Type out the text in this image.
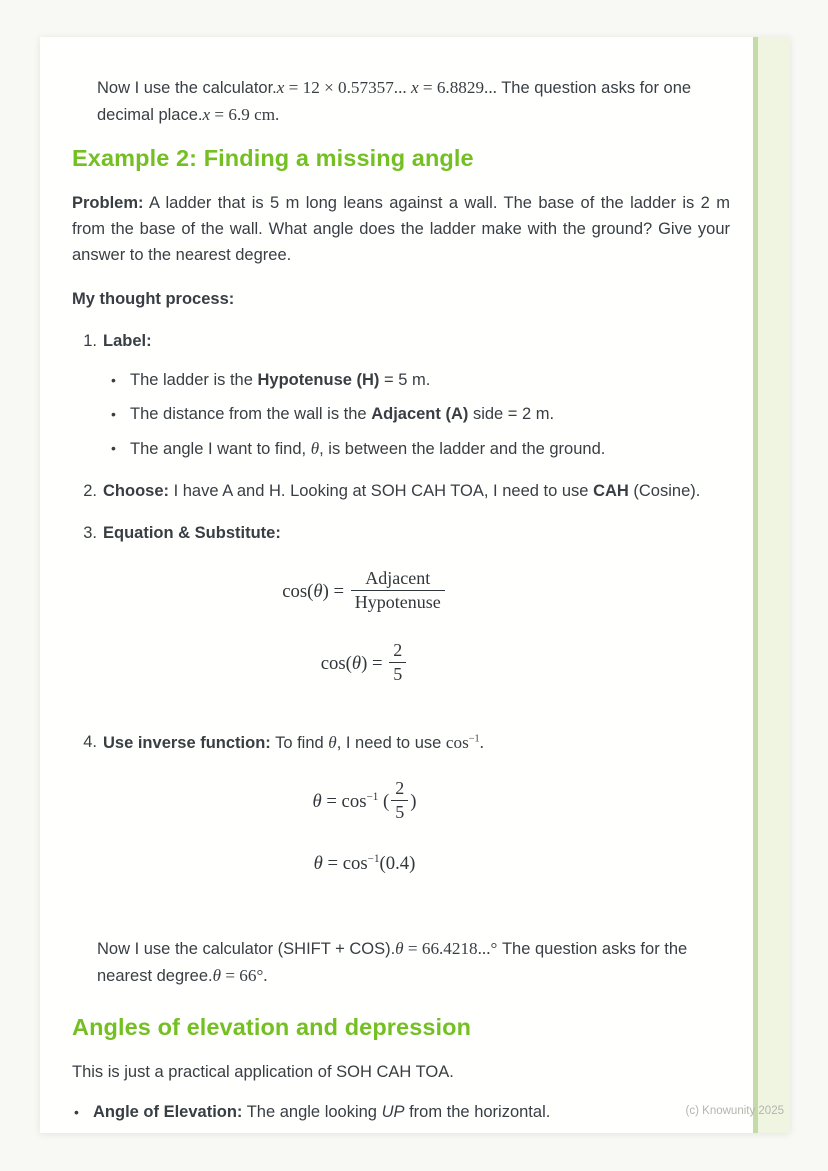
Now I use the calculator.x = 12 × 0.57357... x = 6.8829... The question asks for one decimal place.x = 6.9 cm.

Example 2: Finding a missing angle

Problem: A ladder that is 5 m long leans against a wall. The base of the ladder is 2 m from the base of the wall. What angle does the ladder make with the ground? Give your answer to the nearest degree.

My thought process:

1. Label:

• The ladder is the Hypotenuse (H) = 5 m.

• The distance from the wall is the Adjacent (A) side = 2 m.

• The angle I want to find, θ, is between the ladder and the ground.

2. Choose: I have A and H. Looking at SOH CAH TOA, I need to use CAH (Cosine).

3. Equation & Substitute:

$\cos(\theta) = \frac{\text{Adjacent}}{\text{Hypotenuse}}$
$\cos(\theta) = \frac{2}{5}$
4. Use inverse function: To find θ, I need to use $\cos^{-1}$.

$\theta = \cos^{-1}$ ( $\frac{2}{5}$ )
$\theta = \cos^{-1}(0.4)$

Now I use the calculator (SHIFT + COS).θ = 66.4218...° The question asks for the nearest degree.θ = 66°.

Angles of elevation and depression

This is just a practical application of SOH CAH TOA.

• Angle of Elevation: The angle looking UP from the horizontal.	(c) Knowunity 2025
